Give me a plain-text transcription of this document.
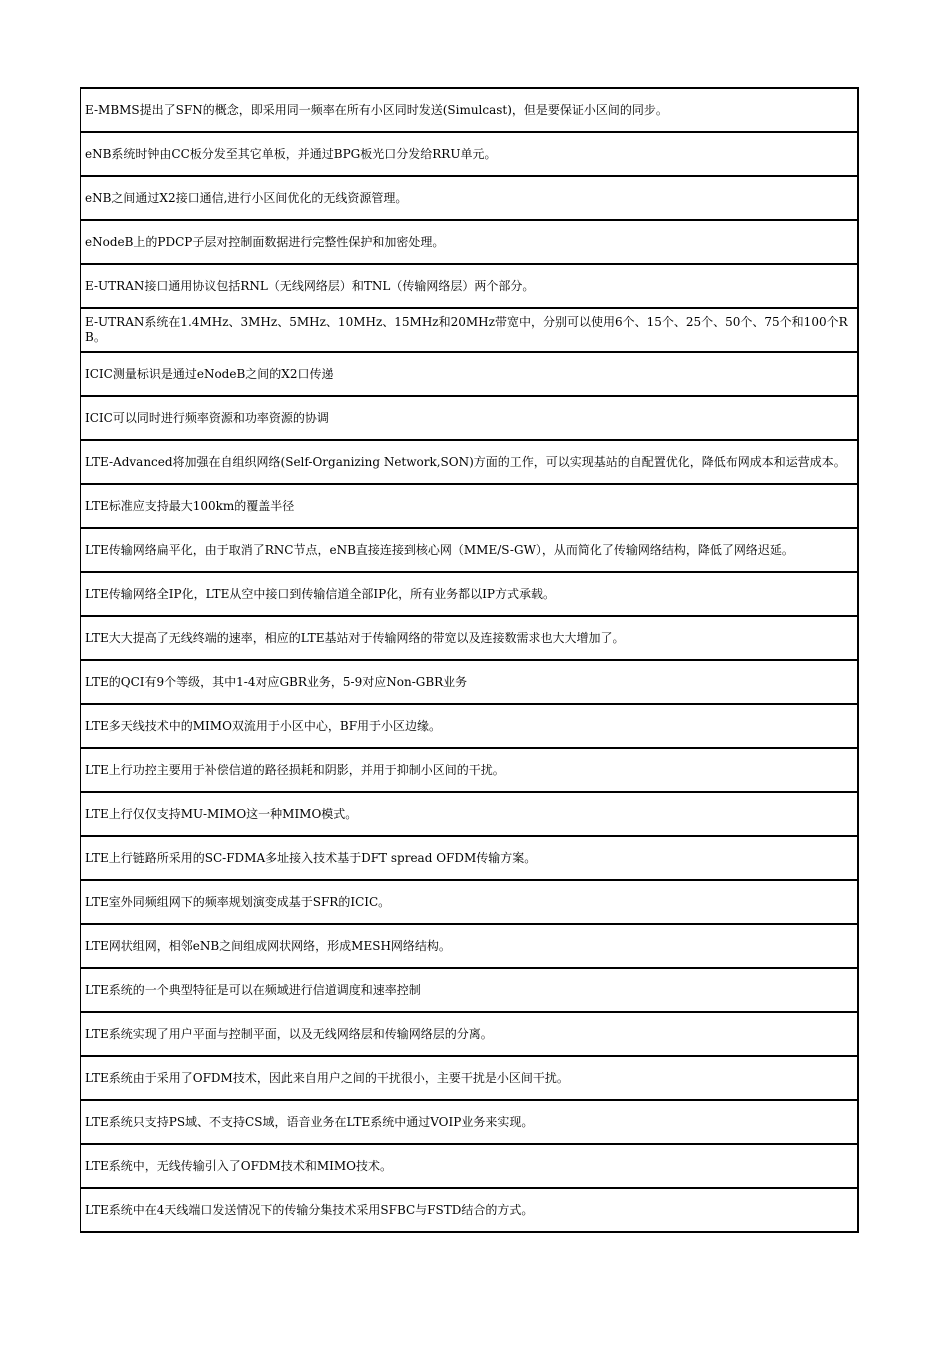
E-MBMS提出了SFN的概念，即采用同一频率在所有小区同时发送(Simulcast)，但是要保证小区间的同步。
eNB系统时钟由CC板分发至其它单板，并通过BPG板光口分发给RRU单元。
eNB之间通过X2接口通信,进行小区间优化的无线资源管理。
eNodeB上的PDCP子层对控制面数据进行完整性保护和加密处理。
E-UTRAN接口通用协议包括RNL（无线网络层）和TNL（传输网络层）两个部分。
E-UTRAN系统在1.4MHz、3MHz、5MHz、10MHz、15MHz和20MHz带宽中，分别可以使用6个、15个、25个、50个、75个和100个RB。
ICIC测量标识是通过eNodeB之间的X2口传递
ICIC可以同时进行频率资源和功率资源的协调
LTE-Advanced将加强在自组织网络(Self-Organizing Network,SON)方面的工作，可以实现基站的自配置优化，降低布网成本和运营成本。
LTE标准应支持最大100km的覆盖半径
LTE传输网络扁平化，由于取消了RNC节点，eNB直接连接到核心网（MME/S-GW），从而简化了传输网络结构，降低了网络迟延。
LTE传输网络全IP化，LTE从空中接口到传输信道全部IP化，所有业务都以IP方式承载。
LTE大大提高了无线终端的速率，相应的LTE基站对于传输网络的带宽以及连接数需求也大大增加了。
LTE的QCI有9个等级，其中1-4对应GBR业务，5-9对应Non-GBR业务
LTE多天线技术中的MIMO双流用于小区中心，BF用于小区边缘。
LTE上行功控主要用于补偿信道的路径损耗和阴影，并用于抑制小区间的干扰。
LTE上行仅仅支持MU-MIMO这一种MIMO模式。
LTE上行链路所采用的SC-FDMA多址接入技术基于DFT spread OFDM传输方案。
LTE室外同频组网下的频率规划演变成基于SFR的ICIC。
LTE网状组网，相邻eNB之间组成网状网络，形成MESH网络结构。
LTE系统的一个典型特征是可以在频域进行信道调度和速率控制
LTE系统实现了用户平面与控制平面，以及无线网络层和传输网络层的分离。
LTE系统由于采用了OFDM技术，因此来自用户之间的干扰很小，主要干扰是小区间干扰。
LTE系统只支持PS域、不支持CS域，语音业务在LTE系统中通过VOIP业务来实现。
LTE系统中，无线传输引入了OFDM技术和MIMO技术。
LTE系统中在4天线端口发送情况下的传输分集技术采用SFBC与FSTD结合的方式。
